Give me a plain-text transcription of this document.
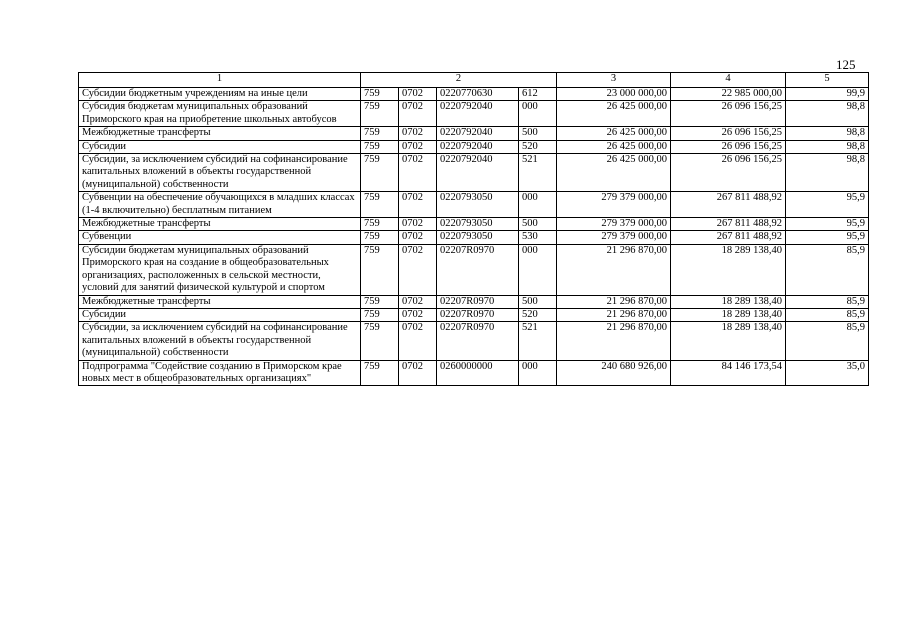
125
1	2				3	4	5
Субсидии бюджетным учреждениям на иные цели	759	0702	0220770630	612	23 000 000,00	22 985 000,00	99,9
Субсидия бюджетам муниципальных образований Приморского края на приобретение школьных автобусов	759	0702	0220792040	000	26 425 000,00	26 096 156,25	98,8
Межбюджетные трансферты	759	0702	0220792040	500	26 425 000,00	26 096 156,25	98,8
Субсидии	759	0702	0220792040	520	26 425 000,00	26 096 156,25	98,8
Субсидии, за исключением субсидий на софинансирование капитальных вложений в объекты государственной (муниципальной) собственности	759	0702	0220792040	521	26 425 000,00	26 096 156,25	98,8
Субвенции на обеспечение обучающихся в младших классах (1-4 включительно) бесплатным питанием	759	0702	0220793050	000	279 379 000,00	267 811 488,92	95,9
Межбюджетные трансферты	759	0702	0220793050	500	279 379 000,00	267 811 488,92	95,9
Субвенции	759	0702	0220793050	530	279 379 000,00	267 811 488,92	95,9
Субсидии бюджетам муниципальных образований Приморского края на создание в общеобразовательных организациях, расположенных в сельской местности, условий для занятий физической культурой и спортом	759	0702	02207R0970	000	21 296 870,00	18 289 138,40	85,9
Межбюджетные трансферты	759	0702	02207R0970	500	21 296 870,00	18 289 138,40	85,9
Субсидии	759	0702	02207R0970	520	21 296 870,00	18 289 138,40	85,9
Субсидии, за исключением субсидий на софинансирование капитальных вложений в объекты государственной (муниципальной) собственности	759	0702	02207R0970	521	21 296 870,00	18 289 138,40	85,9
Подпрограмма "Содействие созданию в Приморском крае новых мест в общеобразовательных организациях"	759	0702	0260000000	000	240 680 926,00	84 146 173,54	35,0
